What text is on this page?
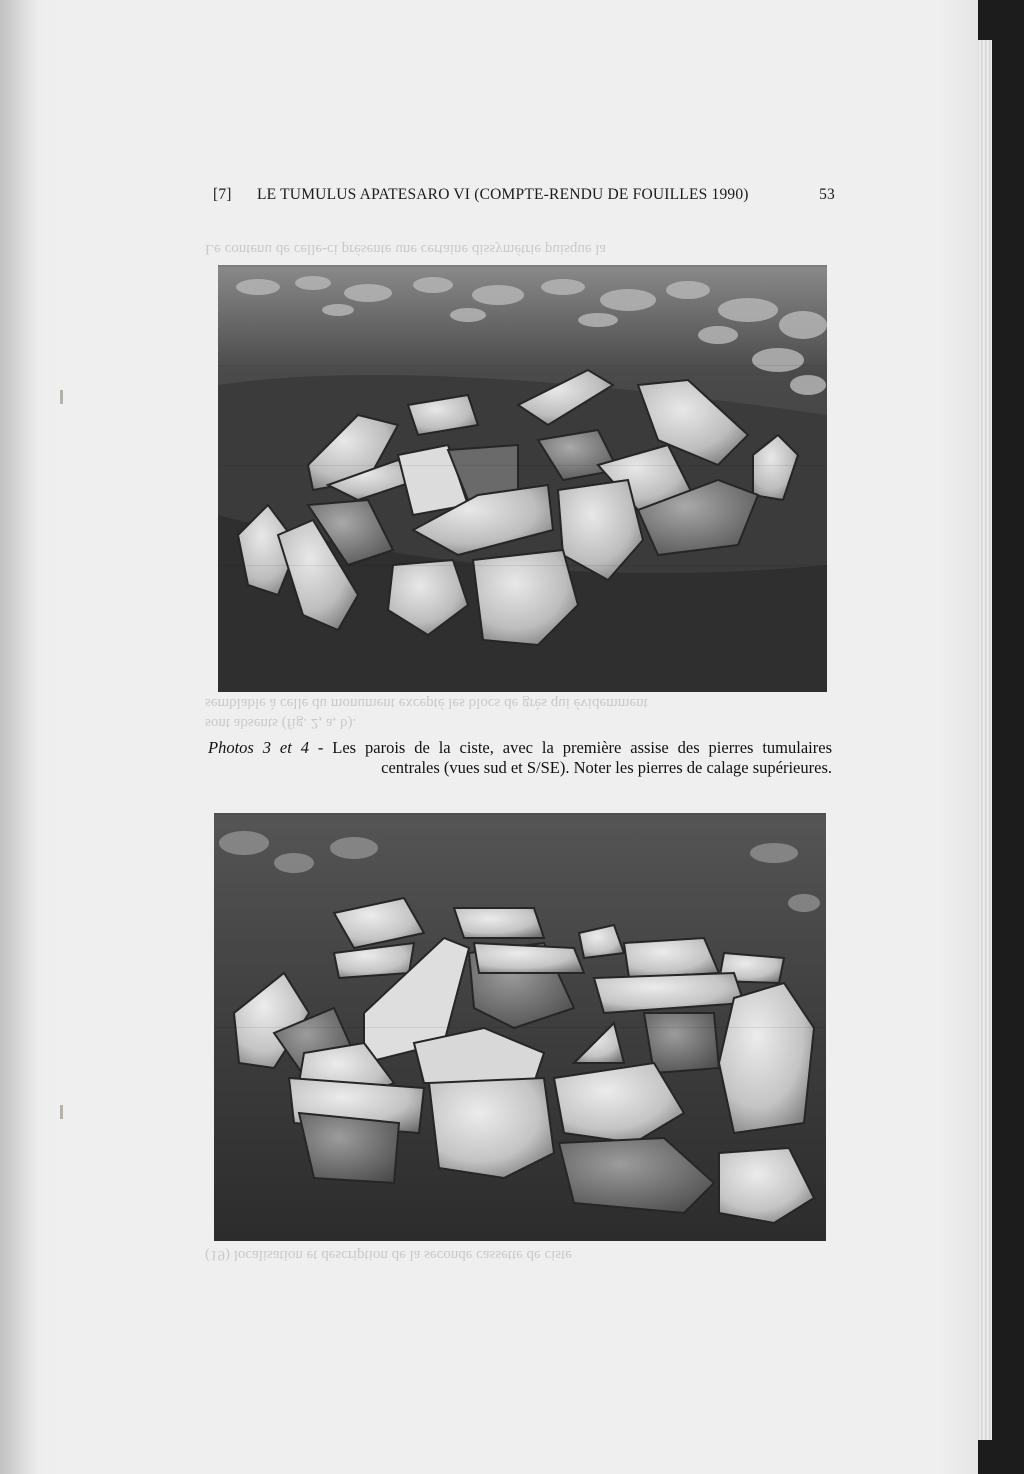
Le contenu de celle-ci présente une certaine dissymétrie puisque la
semblable à celle du monument excepté les blocs de grès qui évidemment
sont absents (fig. 2, a, b).
(19) localisation et description de la seconde cassette de ciste
[7] LE TUMULUS APATESARO VI (COMPTE-RENDU DE FOUILLES 1990)	53
Photos 3 et 4 - Les parois de la ciste, avec la première assise des pierres tumulaires
centrales (vues sud et S/SE). Noter les pierres de calage supérieures.
